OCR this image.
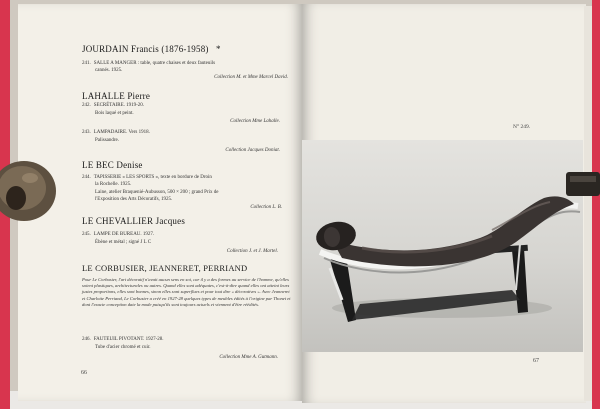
JOURDAIN Francis (1876-1958) *
241. SALLE A MANGER : table, quatre chaises et deux fauteuils
cannés. 1925.
Collection M. et Mme Marcel David.
LAHALLE Pierre
242. SECRÉTAIRE. 1919-20.
Bois laqué et peint.
Collection Mme Lahalle.
243. LAMPADAIRE. Vers 1918.
Palissandre.
Collection Jacques Doniat.
LE BEC Denise
244. TAPISSERIE « LES SPORTS », texte en bordure de Droin
la Rochelle. 1925.
Laine, atelier Braquenié-Aubusson, 500 × 200 ; grand Prix de
l'Exposition des Arts Décoratifs, 1925.
Collection L. B.
LE CHEVALLIER Jacques
245. LAMPE DE BUREAU. 1927.
Ébène et métal ; signé J L C
Collection J. et J. Martel.
LE CORBUSIER, JEANNERET, PERRIAND
Pour Le Corbusier, l'art décoratif n'avait aucun sens en soi, car il y a des formes au service de l'homme, qu'elles soient plastiques, architecturales ou autres. Quand elles sont adéquates, c'est-à-dire quand elles ont atteint leurs justes proportions, elles sont bonnes, sinon elles sont superflues et pour tout dire « décoratives ». Avec Jeanneret et Charlotte Perriand, Le Corbusier a créé en 1927-28 quelques types de meubles édités à l'origine par Thonet et dont l'exacte conception date la mode puisqu'ils sont toujours actuels et viennent d'être réédités.
246. FAUTEUIL PIVOTANT. 1927-28.
Tube d'acier chromé et cuir.
Collection Mme A. Gutmann.
66
N° 249.
67
